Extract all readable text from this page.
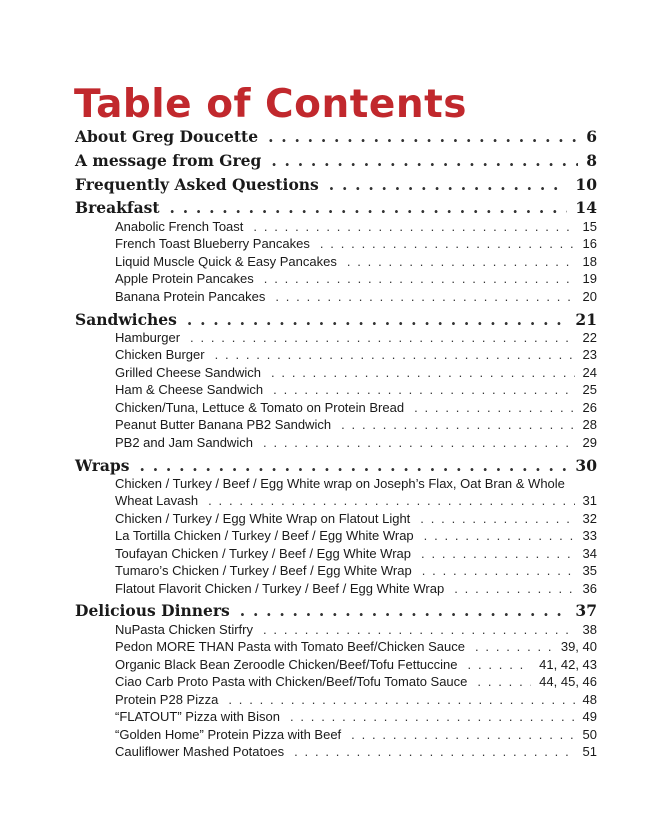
Table of Contents
About Greg Doucette . . .	6
A message from Greg . . .	8
Frequently Asked Questions . . .	10
Breakfast . . .	14
Anabolic French Toast . . .	15
French Toast Blueberry Pancakes . . .	16
Liquid Muscle Quick & Easy Pancakes . . .	18
Apple Protein Pancakes . . .	19
Banana Protein Pancakes . . .	20
Sandwiches . . .	21
Hamburger . . .	22
Chicken Burger . . .	23
Grilled Cheese Sandwich . . .	24
Ham & Cheese Sandwich . . .	25
Chicken/Tuna, Lettuce & Tomato on Protein Bread . . .	26
Peanut Butter Banana PB2 Sandwich . . .	28
PB2 and Jam Sandwich . . .	29
Wraps . . .	30
Chicken / Turkey / Beef / Egg White wrap on Joseph’s Flax, Oat Bran & Whole
Wheat Lavash . . .	31
Chicken / Turkey / Egg White Wrap on Flatout Light . . .	32
La Tortilla Chicken / Turkey / Beef / Egg White Wrap . . .	33
Toufayan Chicken / Turkey / Beef / Egg White Wrap . . .	34
Tumaro’s Chicken / Turkey / Beef / Egg White Wrap . . .	35
Flatout Flavorit Chicken / Turkey / Beef / Egg White Wrap . . .	36
Delicious Dinners . . .	37
NuPasta Chicken Stirfry . . .	38
Pedon MORE THAN Pasta with Tomato Beef/Chicken Sauce . . .	39, 40
Organic Black Bean Zeroodle Chicken/Beef/Tofu Fettuccine . . .	41, 42, 43
Ciao Carb Proto Pasta with Chicken/Beef/Tofu Tomato Sauce . . .	44, 45, 46
Protein P28 Pizza . . .	48
“FLATOUT” Pizza with Bison . . .	49
“Golden Home” Protein Pizza with Beef . . .	50
Cauliflower Mashed Potatoes . . .	51
